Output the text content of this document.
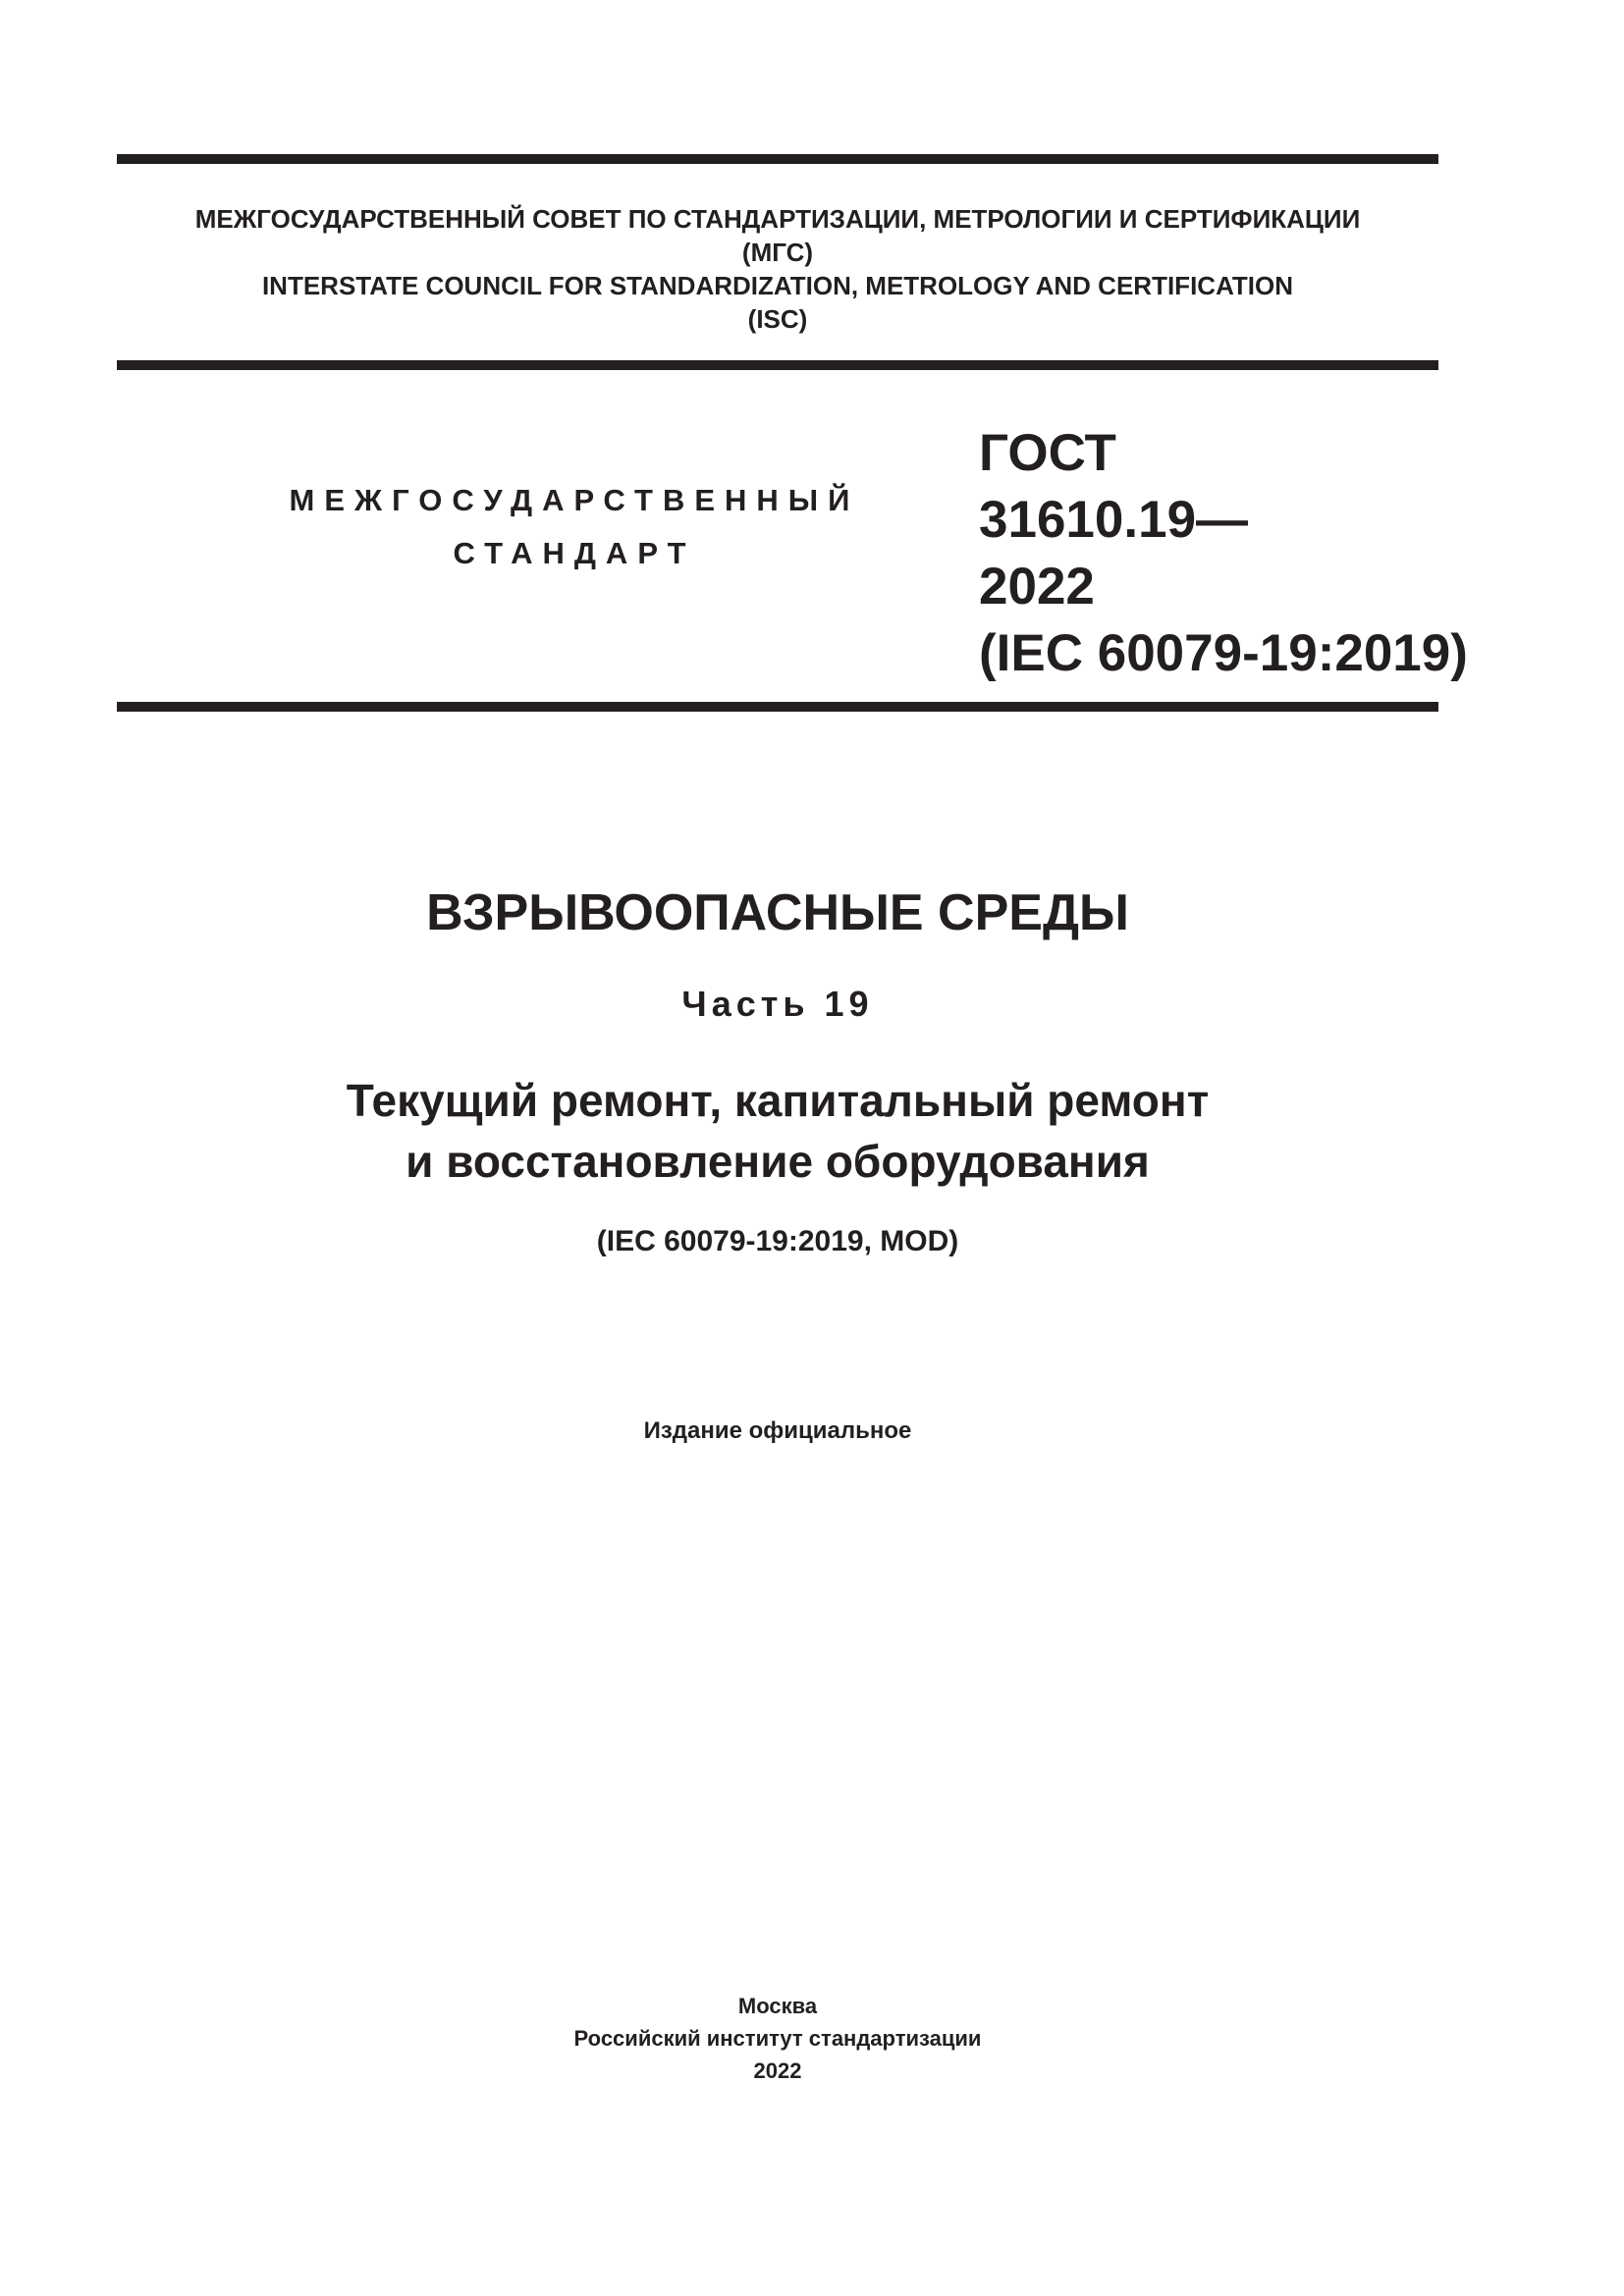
МЕЖГОСУДАРСТВЕННЫЙ СОВЕТ ПО СТАНДАРТИЗАЦИИ, МЕТРОЛОГИИ И СЕРТИФИКАЦИИ
(МГС)
INTERSTATE COUNCIL FOR STANDARDIZATION, METROLOGY AND CERTIFICATION
(ISC)
МЕЖГОСУДАРСТВЕННЫЙ
СТАНДАРТ
ГОСТ
31610.19—
2022
(IEC 60079-19:2019)
ВЗРЫВООПАСНЫЕ СРЕДЫ
Часть 19
Текущий ремонт, капитальный ремонт
и восстановление оборудования
(IEC 60079-19:2019, MOD)
Издание официальное
Москва
Российский институт стандартизации
2022
